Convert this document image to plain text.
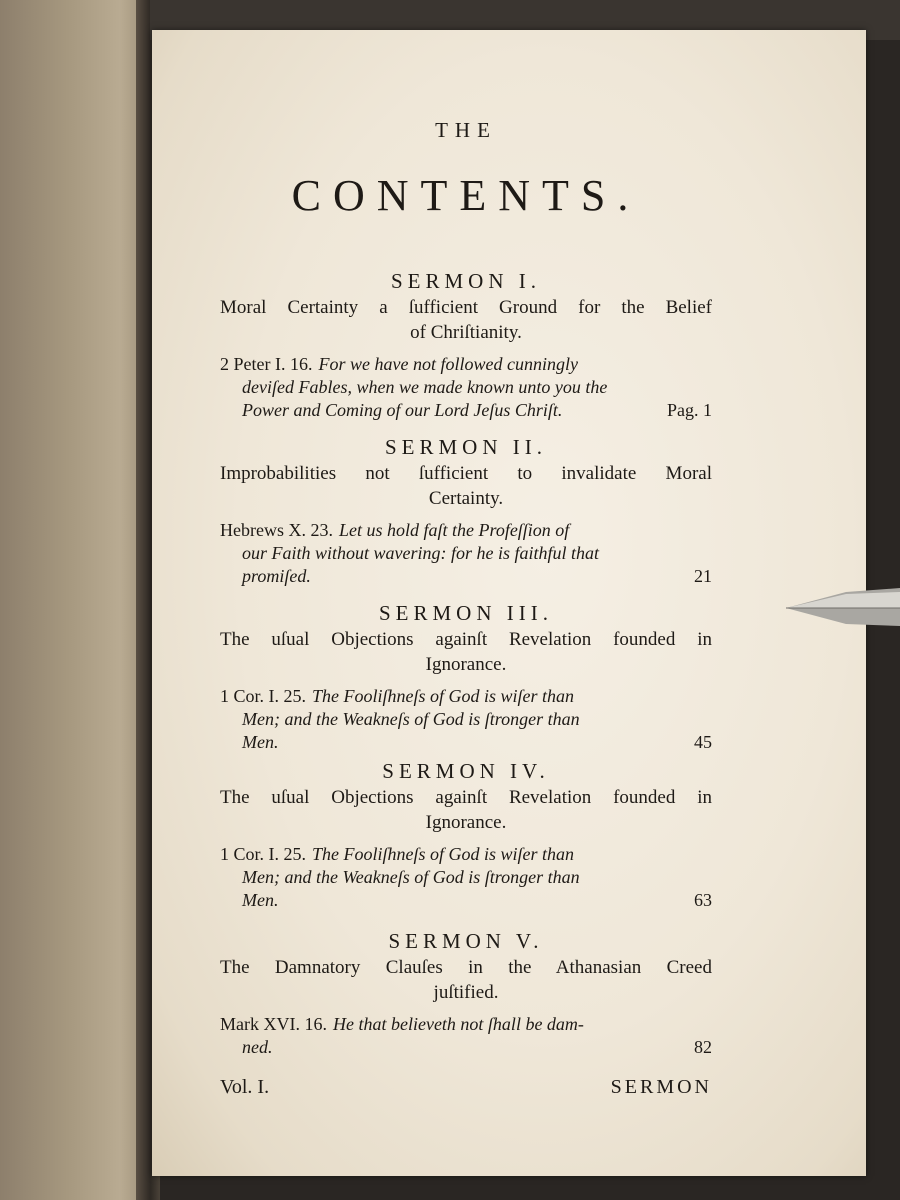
THE
CONTENTS.
SERMON I.
Moral Certainty a ſufficient Ground for the Belief
of Chriſtianity.
2 Peter I. 16. For we have not followed cunningly
deviſed Fables, when we made known unto you the
Power and Coming of our Lord Jeſus Chriſt.	Pag. 1
SERMON II.
Improbabilities not ſufficient to invalidate Moral
Certainty.
Hebrews X. 23. Let us hold faſt the Profeſſion of
our Faith without wavering: for he is faithful that
promiſed.	21
SERMON III.
The uſual Objections againſt Revelation founded in
Ignorance.
1 Cor. I. 25. The Fooliſhneſs of God is wiſer than
Men; and the Weakneſs of God is ſtronger than
Men.	45
SERMON IV.
The uſual Objections againſt Revelation founded in
Ignorance.
1 Cor. I. 25. The Fooliſhneſs of God is wiſer than
Men; and the Weakneſs of God is ſtronger than
Men.	63
SERMON V.
The Damnatory Clauſes in the Athanasian Creed
juſtified.
Mark XVI. 16. He that believeth not ſhall be dam-
ned.	82
Vol. I.	SERMON
